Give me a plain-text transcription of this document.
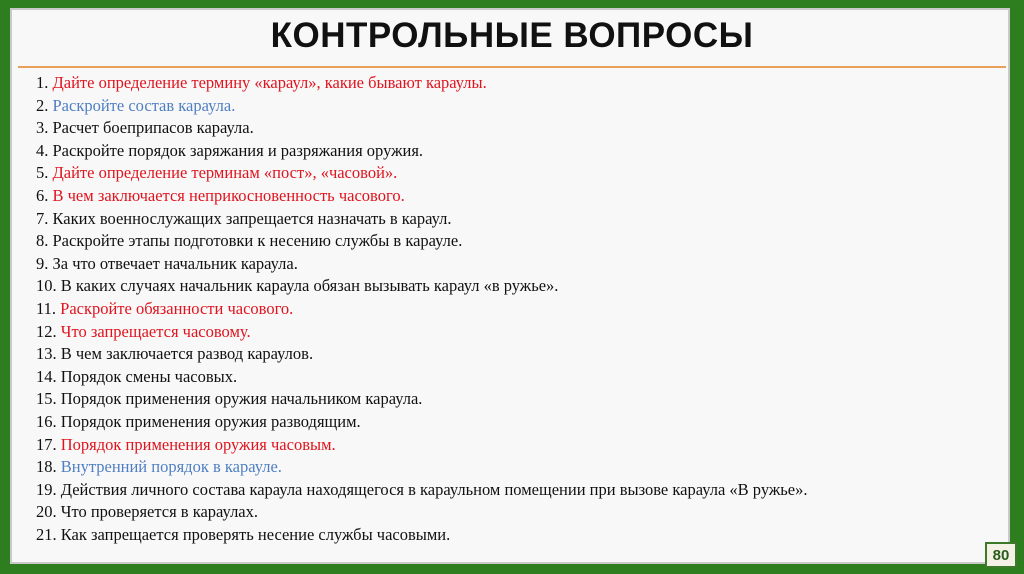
КОНТРОЛЬНЫЕ ВОПРОСЫ
1. Дайте определение термину «караул», какие бывают караулы.
2. Раскройте состав караула.
3. Расчет боеприпасов караула.
4. Раскройте порядок заряжания и разряжания оружия.
5. Дайте определение терминам «пост», «часовой».
6. В чем заключается неприкосновенность часового.
7. Каких военнослужащих запрещается назначать в караул.
8. Раскройте этапы подготовки к несению службы в карауле.
9. За что отвечает начальник караула.
10. В каких случаях начальник караула обязан вызывать караул «в ружье».
11. Раскройте обязанности часового.
12. Что запрещается часовому.
13. В чем заключается развод караулов.
14. Порядок смены часовых.
15. Порядок применения оружия начальником караула.
16. Порядок применения оружия разводящим.
17. Порядок применения оружия часовым.
18. Внутренний порядок в карауле.
19. Действия личного состава караула находящегося в караульном помещении при вызове караула «В ружье».
20. Что проверяется в караулах.
21. Как запрещается проверять несение службы часовыми.
80
